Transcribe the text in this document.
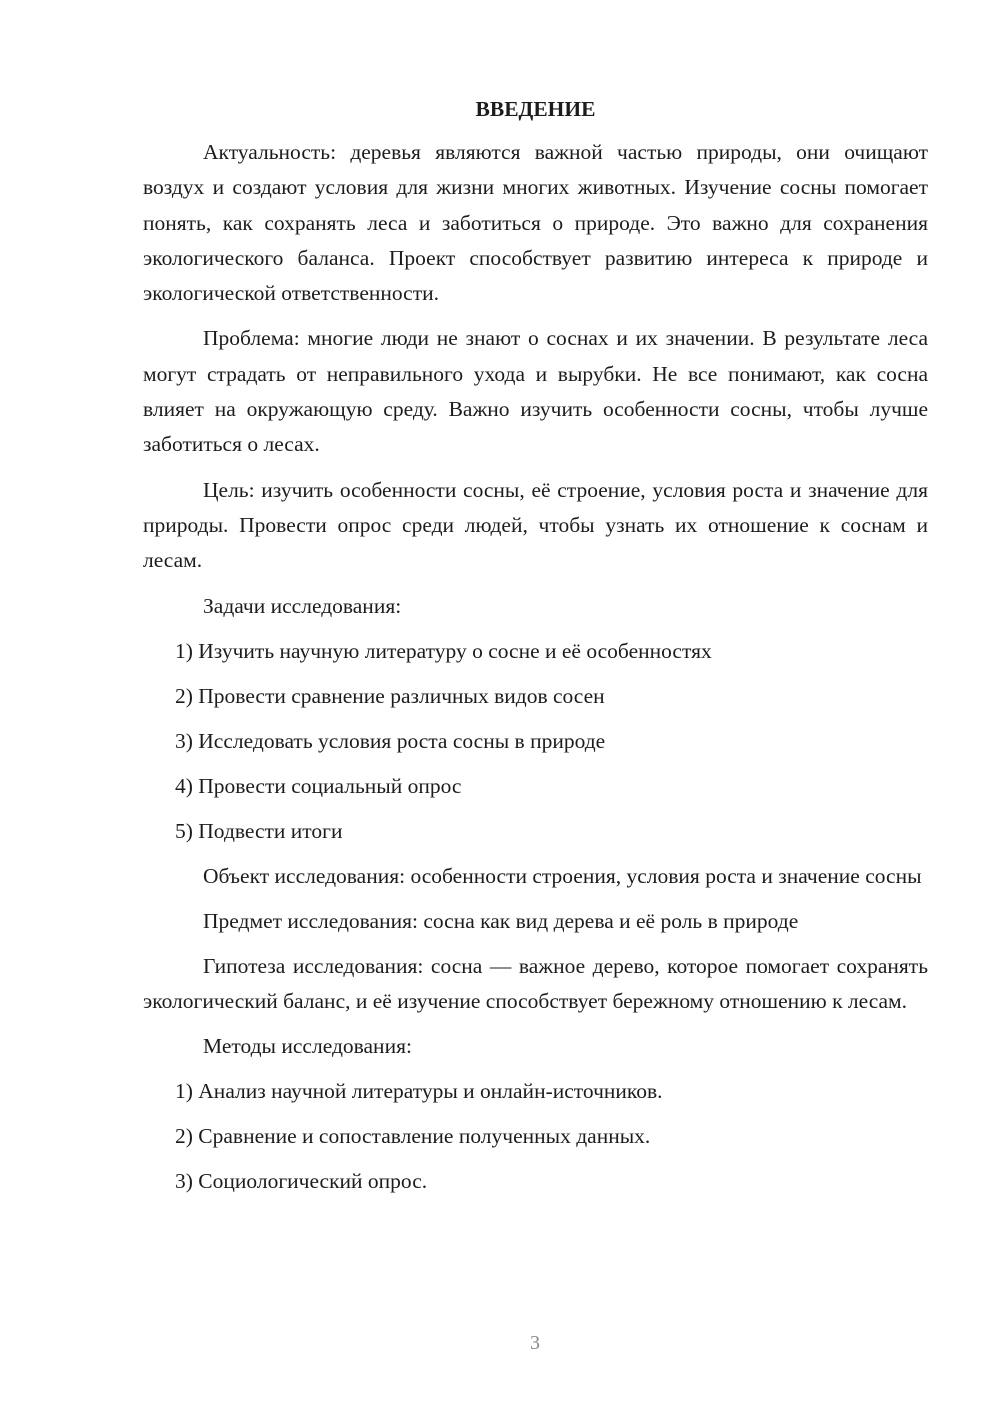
ВВЕДЕНИЕ

Актуальность: деревья являются важной частью природы, они очищают воздух и создают условия для жизни многих животных. Изучение сосны помогает понять, как сохранять леса и заботиться о природе. Это важно для сохранения экологического баланса. Проект способствует развитию интереса к природе и экологической ответственности.

Проблема: многие люди не знают о соснах и их значении. В результате леса могут страдать от неправильного ухода и вырубки. Не все понимают, как сосна влияет на окружающую среду. Важно изучить особенности сосны, чтобы лучше заботиться о лесах.

Цель: изучить особенности сосны, её строение, условия роста и значение для природы. Провести опрос среди людей, чтобы узнать их отношение к соснам и лесам.

Задачи исследования:

1) Изучить научную литературу о сосне и её особенностях
2) Провести сравнение различных видов сосен
3) Исследовать условия роста сосны в природе
4) Провести социальный опрос
5) Подвести итоги

Объект исследования: особенности строения, условия роста и значение сосны

Предмет исследования: сосна как вид дерева и её роль в природе

Гипотеза исследования: сосна — важное дерево, которое помогает сохранять экологический баланс, и её изучение способствует бережному отношению к лесам.

Методы исследования:

1) Анализ научной литературы и онлайн-источников.
2) Сравнение и сопоставление полученных данных.
3) Социологический опрос.
3
